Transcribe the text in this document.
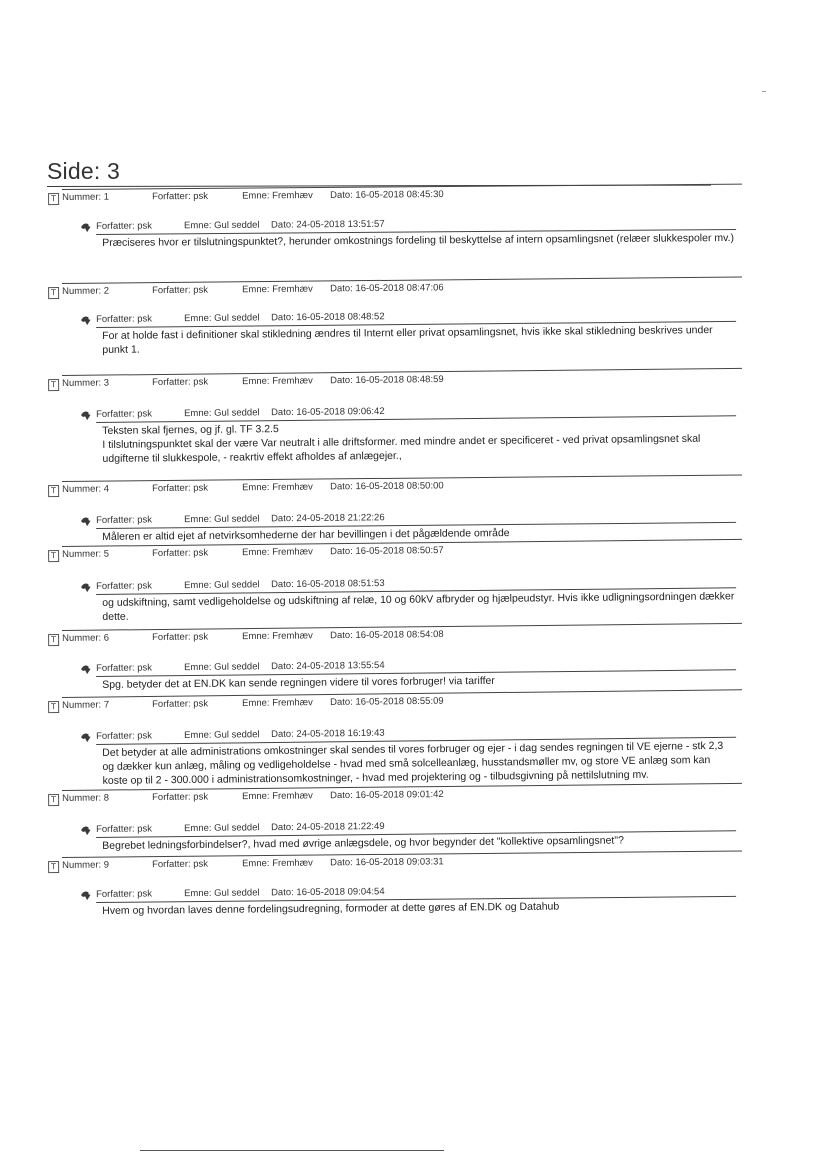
Side: 3
T Nummer: 1	Forfatter: psk	Emne: Fremhæv Dato: 16-05-2018 08:45:30
Forfatter: psk	Emne: Gul seddel Dato: 24-05-2018 13:51:57
Præciseres hvor er tilslutningspunktet?, herunder omkostnings fordeling til beskyttelse af intern opsamlingsnet (relæer slukkespoler mv.)
T Nummer: 2	Forfatter: psk	Emne: Fremhæv Dato: 16-05-2018 08:47:06
Forfatter: psk	Emne: Gul seddel Dato: 16-05-2018 08:48:52
For at holde fast i definitioner skal stikledning ændres til Internt eller privat opsamlingsnet, hvis ikke skal stikledning beskrives under punkt 1.
T Nummer: 3	Forfatter: psk	Emne: Fremhæv Dato: 16-05-2018 08:48:59
Forfatter: psk	Emne: Gul seddel Dato: 16-05-2018 09:06:42
Teksten skal fjernes, og jf. gl. TF 3.2.5
I tilslutningspunktet skal der være Var neutralt i alle driftsformer. med mindre andet er specificeret - ved privat opsamlingsnet skal udgifterne til slukkespole, - reakrtiv effekt afholdes af anlægejer.,
T Nummer: 4	Forfatter: psk	Emne: Fremhæv Dato: 16-05-2018 08:50:00
Forfatter: psk	Emne: Gul seddel Dato: 24-05-2018 21:22:26
Måleren er altid ejet af netvirksomhederne der har bevillingen i det pågældende område
T Nummer: 5	Forfatter: psk	Emne: Fremhæv Dato: 16-05-2018 08:50:57
Forfatter: psk	Emne: Gul seddel Dato: 16-05-2018 08:51:53
og udskiftning, samt vedligeholdelse og udskiftning af relæ, 10 og 60kV afbryder og hjælpeudstyr. Hvis ikke udligningsordningen dækker dette.
T Nummer: 6	Forfatter: psk	Emne: Fremhæv Dato: 16-05-2018 08:54:08
Forfatter: psk	Emne: Gul seddel Dato: 24-05-2018 13:55:54
Spg. betyder det at EN.DK kan sende regningen videre til vores forbruger! via tariffer
T Nummer: 7	Forfatter: psk	Emne: Fremhæv Dato: 16-05-2018 08:55:09
Forfatter: psk	Emne: Gul seddel Dato: 24-05-2018 16:19:43
Det betyder at alle administrations omkostninger skal sendes til vores forbruger og ejer - i dag sendes regningen til VE ejerne - stk 2,3 og dækker kun anlæg, måling og vedligeholdelse - hvad med små solcelleanlæg, husstandsmøller mv, og store VE anlæg som kan koste op til 2 - 300.000 i administrationsomkostninger, - hvad med projektering og - tilbudsgivning på nettilslutning mv.
T Nummer: 8	Forfatter: psk	Emne: Fremhæv Dato: 16-05-2018 09:01:42
Forfatter: psk	Emne: Gul seddel Dato: 24-05-2018 21:22:49
Begrebet ledningsforbindelser?, hvad med øvrige anlægsdele, og hvor begynder det "kollektive opsamlingsnet"?
T Nummer: 9	Forfatter: psk	Emne: Fremhæv Dato: 16-05-2018 09:03:31
Forfatter: psk	Emne: Gul seddel Dato: 16-05-2018 09:04:54
Hvem og hvordan laves denne fordelingsudregning, formoder at dette gøres af EN.DK og Datahub
